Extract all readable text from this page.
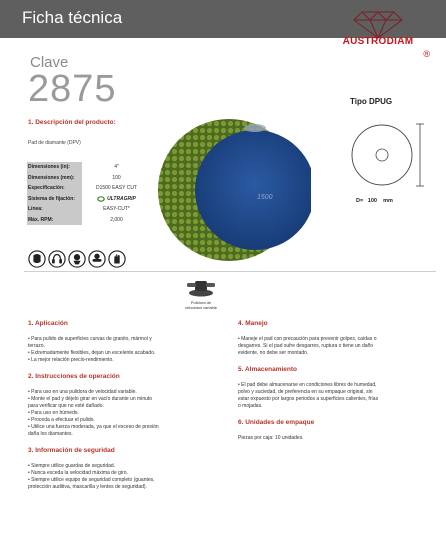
Ficha técnica
AUSTRODIAM
®
Clave
2875
1. Descripción del producto:
Pad de diamante (DPV)
Dimensiones (in):	4"
Dimensiones (mm):	100
Especificación:	D1500 EASY CUT
Sistema de fijación:	ULTRAGRIP
Línea:	EASY-CUT*
Máx. RPM:	2,000
1500
Tipo DPUG
D= 100 mm
Pulidora de
velocidad variable
1. Aplicación

• Para pulido de superficies curvas de granito, mármol y

terrazo.

• Extremadamente flexibles, dejan un excelente acabado.

• La mejor relación precio-rendimiento.

2. Instrucciones de operación

• Para uso en una pulidora de velocidad variable.

• Monte el pad y déjelo girar en vacío durante un minuto

para verificar que no esté dañado.

• Para uso en húmedo.

• Proceda a efectuar el pulido.

• Utilice una fuerza moderada, ya que el exceso de presión

daña los diamantes.

3. Información de seguridad

• Siempre utilice guardas de seguridad.

• Nunca exceda la velocidad máxima de giro.

• Siempre utilice equipo de seguridad completo (guantes,

protección auditiva, mascarilla y lentes de seguridad).

4. Manejo

• Maneje el pad con precaución para prevenir golpes, caídas o

desgarres. Si el pad sufre desgarres, ruptura o tiene un daño

evidente, no debe ser montado.

5. Almacenamiento

• El pad debe almacenarse en condiciones libres de humedad,

polvo y suciedad, de preferencia en su empaque original, sin

estar expuesto por largos periodos a superficies calientes, frías

o mojadas.

6. Unidades de empaque

Piezas por caja: 10 unidades.
